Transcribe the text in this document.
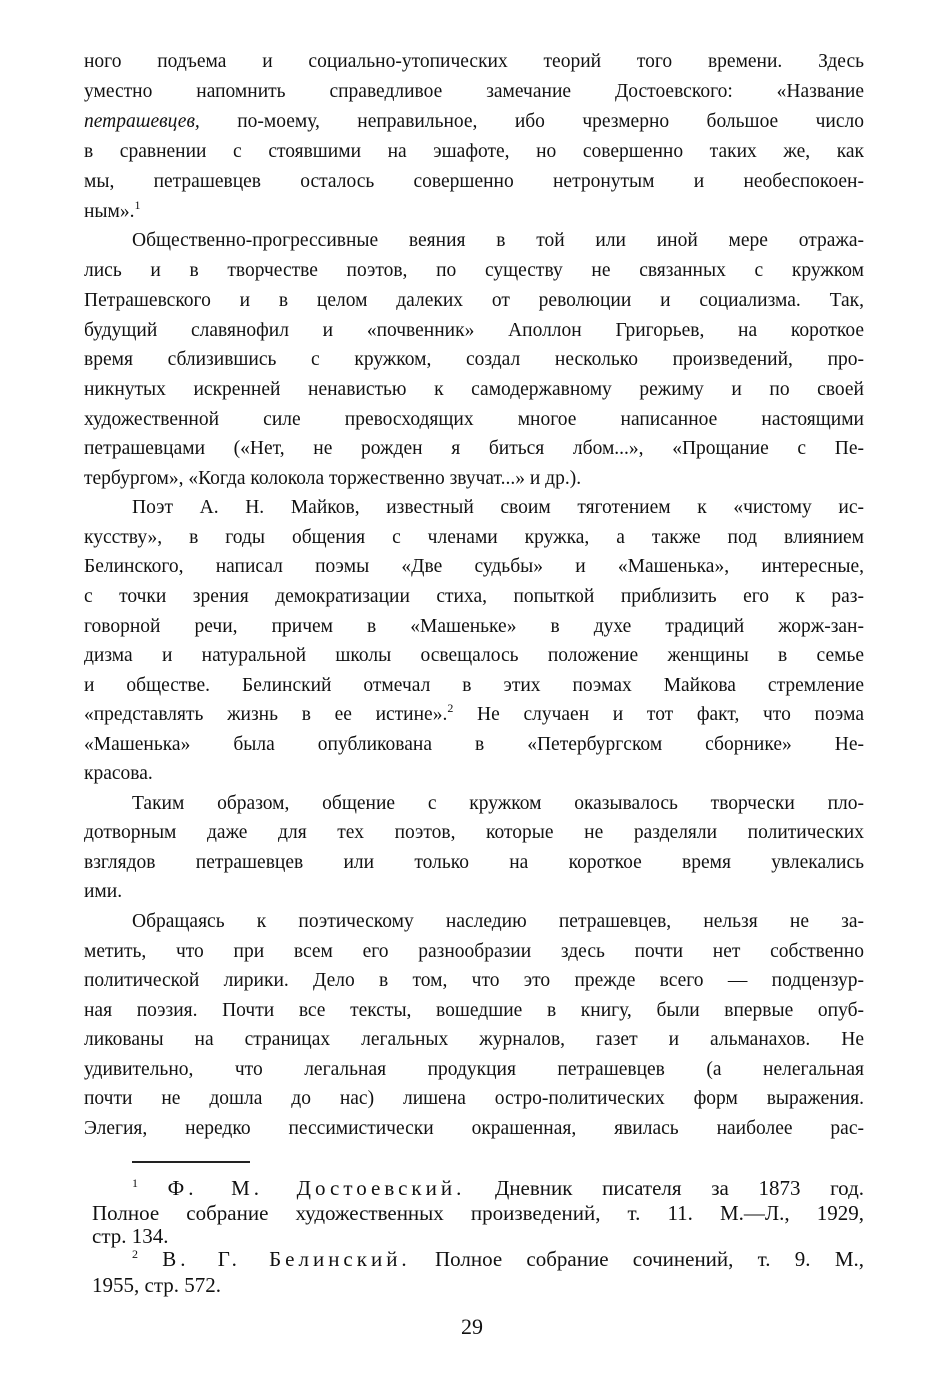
ного подъема и социально-утопических теорий того времени. Здесь
уместно напомнить справедливое замечание Достоевского: «Название
петрашевцев, по-моему, неправильное, ибо чрезмерно большое число
в сравнении с стоявшими на эшафоте, но совершенно таких же, как
мы, петрашевцев осталось совершенно нетронутым и необеспокоен-
ным».$^1$
Общественно-прогрессивные веяния в той или иной мере отража-
лись и в творчестве поэтов, по существу не связанных с кружком
Петрашевского и в целом далеких от революции и социализма. Так,
будущий славянофил и «почвенник» Аполлон Григорьев, на короткое
время сблизившись с кружком, создал несколько произведений, про-
никнутых искренней ненавистью к самодержавному режиму и по своей
художественной силе превосходящих многое написанное настоящими
петрашевцами («Нет, не рожден я биться лбом...», «Прощание с Пе-
тербургом», «Когда колокола торжественно звучат...» и др.).
Поэт А. Н. Майков, известный своим тяготением к «чистому ис-
кусству», в годы общения с членами кружка, а также под влиянием
Белинского, написал поэмы «Две судьбы» и «Машенька», интересные,
с точки зрения демократизации стиха, попыткой приблизить его к раз-
говорной речи, причем в «Машеньке» в духе традиций жорж-зан-
дизма и натуральной школы освещалось положение женщины в семье
и обществе. Белинский отмечал в этих поэмах Майкова стремление
«представлять жизнь в ее истине».$^2$ Не случаен и тот факт, что поэма
«Машенька» была опубликована в «Петербургском сборнике» Не-
красова.
Таким образом, общение с кружком оказывалось творчески пло-
дотворным даже для тех поэтов, которые не разделяли политических
взглядов петрашевцев или только на короткое время увлекались
ими.
Обращаясь к поэтическому наследию петрашевцев, нельзя не за-
метить, что при всем его разнообразии здесь почти нет собственно
политической лирики. Дело в том, что это прежде всего — подцензур-
ная поэзия. Почти все тексты, вошедшие в книгу, были впервые опуб-
ликованы на страницах легальных журналов, газет и альманахов. Не
удивительно, что легальная продукция петрашевцев (а нелегальная
почти не дошла до нас) лишена остро-политических форм выражения.
Элегия, нередко пессимистически окрашенная, явилась наиболее рас-
$^1$ Ф. М. Достоевский. Дневник писателя за 1873 год.
Полное собрание художественных произведений, т. 11. М.—Л., 1929,
стр. 134.
$^2$ В. Г. Белинский. Полное собрание сочинений, т. 9. М.,
1955, стр. 572.
29
